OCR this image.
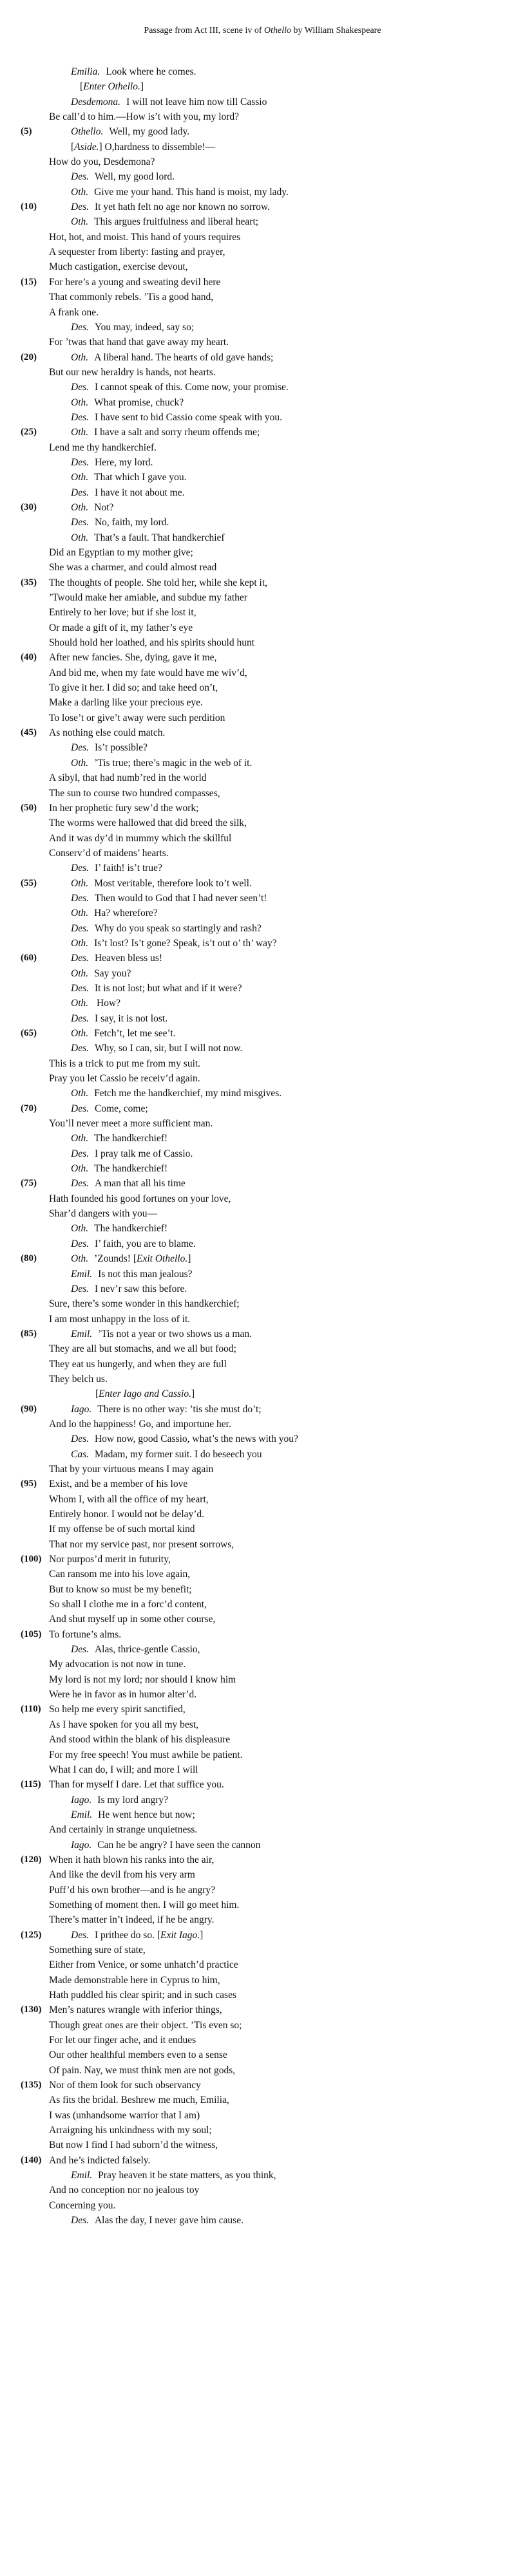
Passage from Act III, scene iv of Othello by William Shakespeare
Emilia. Look where he comes.
[Enter Othello.]
Desdemona. I will not leave him now till Cassio
Be call’d to him.—How is’t with you, my lord?
(5)	Othello. Well, my good lady.
[Aside.] O,hardness to dissemble!—
How do you, Desdemona?
Des. Well, my good lord.
Oth. Give me your hand. This hand is moist, my lady.
(10)	Des. It yet hath felt no age nor known no sorrow.
Oth. This argues fruitfulness and liberal heart;
Hot, hot, and moist. This hand of yours requires
A sequester from liberty: fasting and prayer,
Much castigation, exercise devout,
(15)	For here’s a young and sweating devil here
That commonly rebels. ’Tis a good hand,
A frank one.
Des. You may, indeed, say so;
For ’twas that hand that gave away my heart.
(20)	Oth. A liberal hand. The hearts of old gave hands;
But our new heraldry is hands, not hearts.
Des. I cannot speak of this. Come now, your promise.
Oth. What promise, chuck?
Des. I have sent to bid Cassio come speak with you.
(25)	Oth. I have a salt and sorry rheum offends me;
Lend me thy handkerchief.
Des. Here, my lord.
Oth. That which I gave you.
Des. I have it not about me.
(30)	Oth. Not?
Des. No, faith, my lord.
Oth. That’s a fault. That handkerchief
Did an Egyptian to my mother give;
She was a charmer, and could almost read
(35)	The thoughts of people. She told her, while she kept it,
’Twould make her amiable, and subdue my father
Entirely to her love; but if she lost it,
Or made a gift of it, my father’s eye
Should hold her loathed, and his spirits should hunt
(40)	After new fancies. She, dying, gave it me,
And bid me, when my fate would have me wiv’d,
To give it her. I did so; and take heed on’t,
Make a darling like your precious eye.
To lose’t or give’t away were such perdition
(45)	As nothing else could match.
Des. Is’t possible?
Oth. ’Tis true; there’s magic in the web of it.
A sibyl, that had numb’red in the world
The sun to course two hundred compasses,
(50)	In her prophetic fury sew’d the work;
The worms were hallowed that did breed the silk,
And it was dy’d in mummy which the skillful
Conserv’d of maidens’ hearts.
Des. I’ faith! is’t true?
(55)	Oth. Most veritable, therefore look to’t well.
Des. Then would to God that I had never seen’t!
Oth. Ha? wherefore?
Des. Why do you speak so startingly and rash?
Oth. Is’t lost? Is’t gone? Speak, is’t out o’ th’ way?
(60)	Des. Heaven bless us!
Oth. Say you?
Des. It is not lost; but what and if it were?
Oth. How?
Des. I say, it is not lost.
(65)	Oth. Fetch’t, let me see’t.
Des. Why, so I can, sir, but I will not now.
This is a trick to put me from my suit.
Pray you let Cassio be receiv’d again.
Oth. Fetch me the handkerchief, my mind misgives.
(70)	Des. Come, come;
You’ll never meet a more sufficient man.
Oth. The handkerchief!
Des. I pray talk me of Cassio.
Oth. The handkerchief!
(75)	Des. A man that all his time
Hath founded his good fortunes on your love,
Shar’d dangers with you—
Oth. The handkerchief!
Des. I’ faith, you are to blame.
(80)	Oth. ’Zounds! [Exit Othello.]
Emil. Is not this man jealous?
Des. I nev’r saw this before.
Sure, there’s some wonder in this handkerchief;
I am most unhappy in the loss of it.
(85)	Emil. ’Tis not a year or two shows us a man.
They are all but stomachs, and we all but food;
They eat us hungerly, and when they are full
They belch us.
[Enter Iago and Cassio.]
(90)	Iago. There is no other way: ’tis she must do’t;
And lo the happiness! Go, and importune her.
Des. How now, good Cassio, what’s the news with you?
Cas. Madam, my former suit. I do beseech you
That by your virtuous means I may again
(95)	Exist, and be a member of his love
Whom I, with all the office of my heart,
Entirely honor. I would not be delay’d.
If my offense be of such mortal kind
That nor my service past, nor present sorrows,
(100) Nor purpos’d merit in futurity,
Can ransom me into his love again,
But to know so must be my benefit;
So shall I clothe me in a forc’d content,
And shut myself up in some other course,
(105) To fortune’s alms.
Des. Alas, thrice-gentle Cassio,
My advocation is not now in tune.
My lord is not my lord; nor should I know him
Were he in favor as in humor alter’d.
(110) So help me every spirit sanctified,
As I have spoken for you all my best,
And stood within the blank of his displeasure
For my free speech! You must awhile be patient.
What I can do, I will; and more I will
(115) Than for myself I dare. Let that suffice you.
Iago. Is my lord angry?
Emil. He went hence but now;
And certainly in strange unquietness.
Iago. Can he be angry? I have seen the cannon
(120) When it hath blown his ranks into the air,
And like the devil from his very arm
Puff’d his own brother—and is he angry?
Something of moment then. I will go meet him.
There’s matter in’t indeed, if he be angry.
(125)	Des. I prithee do so. [Exit Iago.]
Something sure of state,
Either from Venice, or some unhatch’d practice
Made demonstrable here in Cyprus to him,
Hath puddled his clear spirit; and in such cases
(130) Men’s natures wrangle with inferior things,
Though great ones are their object. ’Tis even so;
For let our finger ache, and it endues
Our other healthful members even to a sense
Of pain. Nay, we must think men are not gods,
(135) Nor of them look for such observancy
As fits the bridal. Beshrew me much, Emilia,
I was (unhandsome warrior that I am)
Arraigning his unkindness with my soul;
But now I find I had suborn’d the witness,
(140) And he’s indicted falsely.
Emil. Pray heaven it be state matters, as you think,
And no conception nor no jealous toy
Concerning you.
Des. Alas the day, I never gave him cause.
